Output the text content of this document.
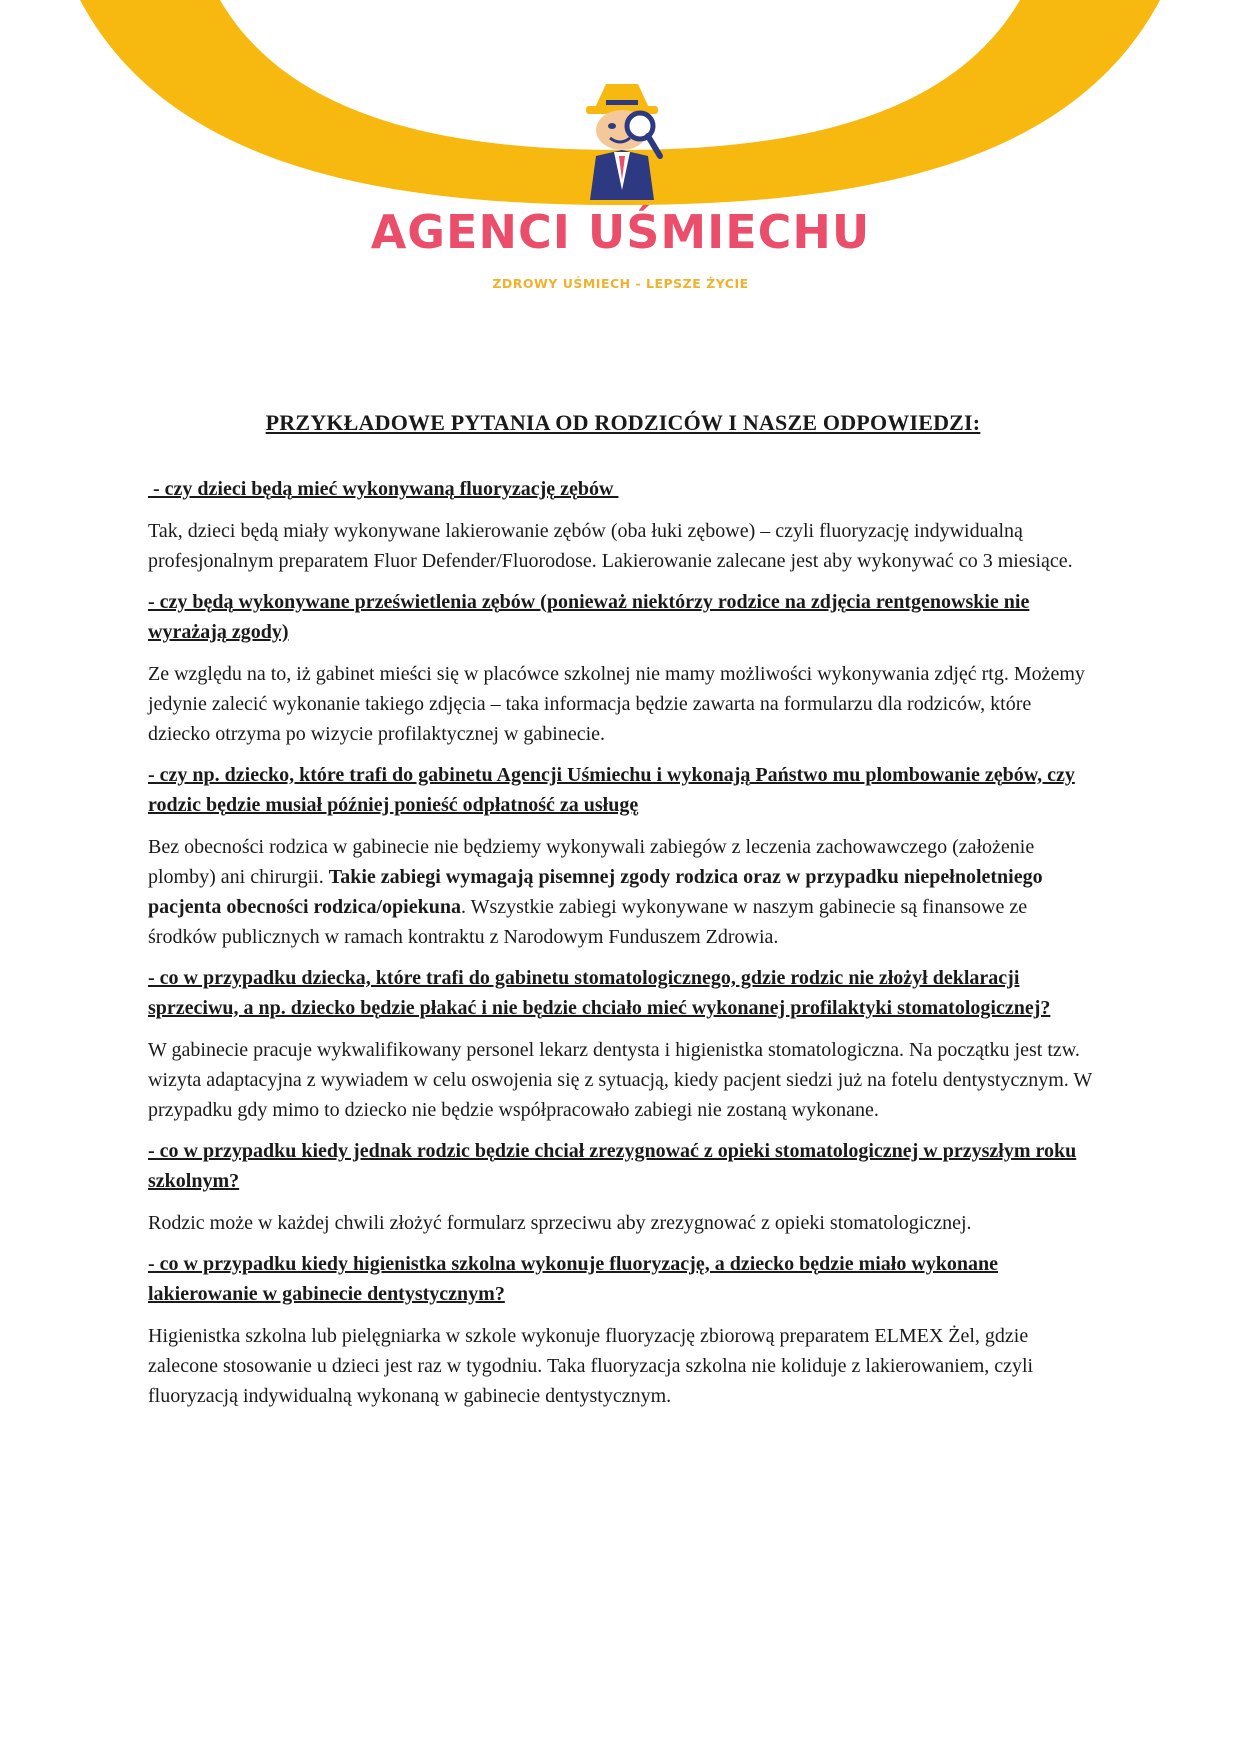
AGENCI UŚMIECHU
ZDROWY UŚMIECH - LEPSZE ŻYCIE
PRZYKŁADOWE PYTANIA OD RODZICÓW I NASZE ODPOWIEDZI:
- czy dzieci będą mieć wykonywaną fluoryzację zębów
Tak, dzieci będą miały wykonywane lakierowanie zębów (oba łuki zębowe) – czyli fluoryzację indywidualną profesjonalnym preparatem Fluor Defender/Fluorodose. Lakierowanie zalecane jest aby wykonywać co 3 miesiące.
- czy będą wykonywane prześwietlenia zębów (ponieważ niektórzy rodzice na zdjęcia rentgenowskie nie wyrażają zgody)
Ze względu na to, iż gabinet mieści się w placówce szkolnej nie mamy możliwości wykonywania zdjęć rtg. Możemy jedynie zalecić wykonanie takiego zdjęcia – taka informacja będzie zawarta na formularzu dla rodziców, które dziecko otrzyma po wizycie profilaktycznej w gabinecie.
- czy np. dziecko, które trafi do gabinetu Agencji Uśmiechu i wykonają Państwo mu plombowanie zębów, czy rodzic będzie musiał później ponieść odpłatność za usługę
Bez obecności rodzica w gabinecie nie będziemy wykonywali zabiegów z leczenia zachowawczego (założenie plomby) ani chirurgii. Takie zabiegi wymagają pisemnej zgody rodzica oraz w przypadku niepełnoletniego pacjenta obecności rodzica/opiekuna. Wszystkie zabiegi wykonywane w naszym gabinecie są finansowe ze środków publicznych w ramach kontraktu z Narodowym Funduszem Zdrowia.
- co w przypadku dziecka, które trafi do gabinetu stomatologicznego, gdzie rodzic nie złożył deklaracji sprzeciwu, a np. dziecko będzie płakać i nie będzie chciało mieć wykonanej profilaktyki stomatologicznej?
W gabinecie pracuje wykwalifikowany personel lekarz dentysta i higienistka stomatologiczna. Na początku jest tzw. wizyta adaptacyjna z wywiadem w celu oswojenia się z sytuacją, kiedy pacjent siedzi już na fotelu dentystycznym. W przypadku gdy mimo to dziecko nie będzie współpracowało zabiegi nie zostaną wykonane.
- co w przypadku kiedy jednak rodzic będzie chciał zrezygnować z opieki stomatologicznej w przyszłym roku szkolnym?
Rodzic może w każdej chwili złożyć formularz sprzeciwu aby zrezygnować z opieki stomatologicznej.
- co w przypadku kiedy higienistka szkolna wykonuje fluoryzację, a dziecko będzie miało wykonane lakierowanie w gabinecie dentystycznym?
Higienistka szkolna lub pielęgniarka w szkole wykonuje fluoryzację zbiorową preparatem ELMEX Żel, gdzie zalecone stosowanie u dzieci jest raz w tygodniu. Taka fluoryzacja szkolna nie koliduje z lakierowaniem, czyli fluoryzacją indywidualną wykonaną w gabinecie dentystycznym.
